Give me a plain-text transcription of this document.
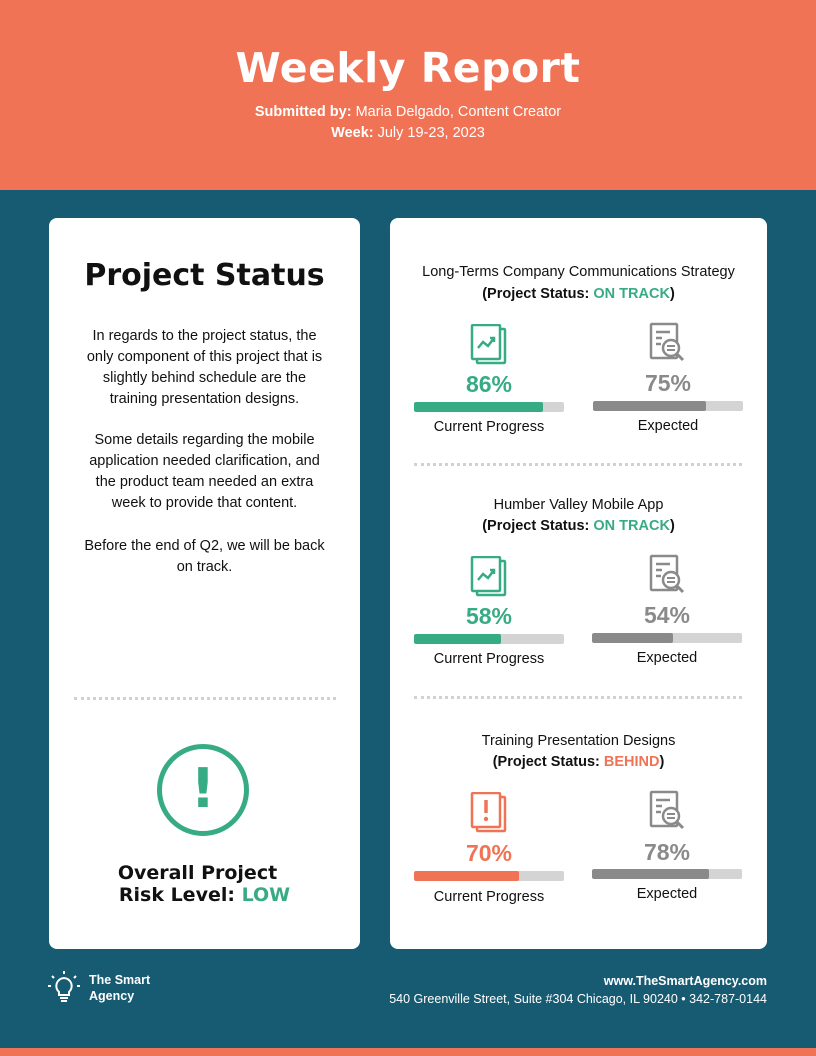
Weekly Report
Submitted by: Maria Delgado, Content Creator
Week: July 19-23, 2023
Project Status
In regards to the project status, the only component of this project that is slightly behind schedule are the training presentation designs.
Some details regarding the mobile application needed clarification, and the product team needed an extra week to provide that content.
Before the end of Q2, we will be back on track.
!
Overall Project
Risk Level: LOW
Long-Terms Company Communications Strategy
(Project Status: ON TRACK)
86%	75%
Current Progress	Expected
Humber Valley Mobile App
(Project Status: ON TRACK)
58%	54%
Current Progress	Expected
Training Presentation Designs
(Project Status: BEHIND)
70%	78%
Current Progress	Expected
The Smart
Agency
www.TheSmartAgency.com
540 Greenville Street, Suite #304 Chicago, IL 90240 • 342-787-0144
